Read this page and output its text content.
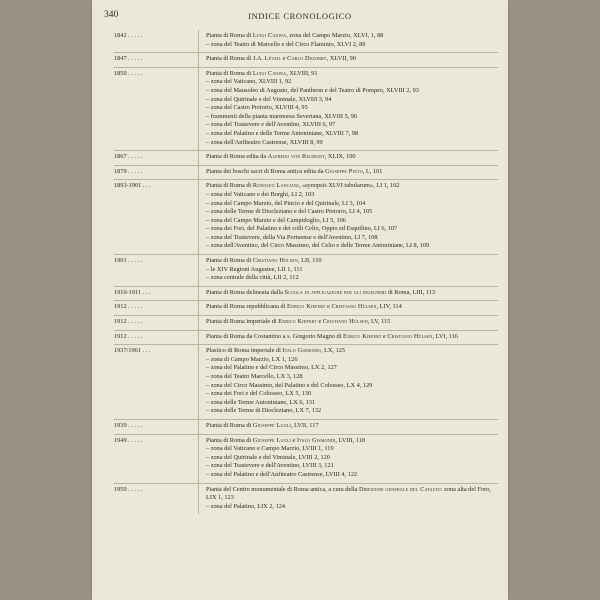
340	INDICE CRONOLOGICO
1842 . . . . .	Pianta di Roma di Luigi Canina, zona del Campo Marzio, XLVI, 1, 88
– zona del Teatro di Marcello e del Circo Flaminio, XLVI 2, 89
1847 . . . . .	Pianta di Roma di J.A. Léveil e Carlo Dezobry, XLVII, 90
1850 . . . . .	Pianta di Roma di Luigi Canina, XLVIII, 91
– zona del Vaticano, XLVIII 1, 92
– zona del Mausoleo di Augusto, del Pantheon e del Teatro di Pompeo, XLVIII 2, 93
– zona del Quirinale e del Viminale, XLVIII 3, 94
– zona del Castro Pretorio, XLVIII 4, 95
– frammenti della pianta marmorea Severiana, XLVIII 5, 96
– zona del Trastevere e dell'Aventino, XLVIII 6, 97
– zona del Palatino e delle Terme Antoniniane, XLVIII 7, 98
– zona dell'Anfiteatro Castrense, XLVIII 8, 99
1867 . . . . .	Pianta di Roma edita da Alfredo von Reumont, XLIX, 100
1879 . . . . .	Pianta dei boschi sacri di Roma antica edita da Giuseppe Pinto, L, 101
1893-1901 . . .	Pianta di Roma di Rodolfo Lanciani, «synopsis XLVI tabularum», LI 1, 102
– zona del Vaticano e dei Borghi, LI 2, 103
– zona del Campo Marzio, del Pincio e del Quirinale, LI 3, 104
– zona delle Terme di Diocleziano e del Castro Pretorio, LI 4, 105
– zona del Campo Marzio e del Campidoglio, LI 5, 106
– zona dei Fori, del Palatino e dei colli Celio, Oppio ed Esquilino, LI 6, 107
– zona del Trastevere, della Via Portuense e dell'Aventino, LI 7, 108
– zona dell'Aventino, del Circo Massimo, del Celio e delle Terme Antoniniane, LI 8, 109
1901 . . . . .	Pianta di Roma di Cristiano Hülsen, LII, 110
– le XIV Regioni Augustee, LII 1, 111
– zona centrale della città, LII 2, 112
1910-1911 . . .	Pianta di Roma delineata dalla Scuola di applicazione per gli ingegneri di Roma, LIII, 113
1912 . . . . .	Pianta di Roma repubblicana di Enrico Kiepert e Cristiano Hülsen, LIV, 114
1912 . . . . .	Pianta di Roma imperiale di Enrico Kiepert e Cristiano Hülsen, LV, 115
1912 . . . . .	Pianta di Roma da Costantino a s. Gregorio Magno di Enrico Kiepert e Cristiano Hülsen, LVI, 116
1937/1961 . . .	Plastico di Roma imperiale di Italo Gismondi, LX, 125
– zona di Campo Marzio, LX 1, 126
– zona del Palatino e del Circo Massimo, LX 2, 127
– zona del Teatro Marcello, LX 3, 128
– zona del Circo Massimo, del Palatino e del Colosseo, LX 4, 129
– zona dei Fori e del Colosseo, LX 5, 130
– zona delle Terme Antoniniane, LX 6, 131
– zona delle Terme di Diocleziano, LX 7, 132
1939 . . . . .	Pianta di Roma di Giuseppe Lugli, LVII, 117
1949 . . . . .	Pianta di Roma di Giuseppe Lugli e Italo Gismondi, LVIII, 118
– zona del Vaticano e Campo Marzio, LVIII 1, 119
– zona del Quirinale e del Viminale, LVIII 2, 120
– zona del Trastevere e dell'Aventino, LVIII 3, 121
– zona del Palatino e dell'Anfiteatro Castrense, LVIII 4, 122
1959 . . . . .	Pianta del Centro monumentale di Roma antica, a cura della Direzione generale del Catasto: zona alta del Foro, LIX 1, 123
– zona del Palatino, LIX 2, 124
